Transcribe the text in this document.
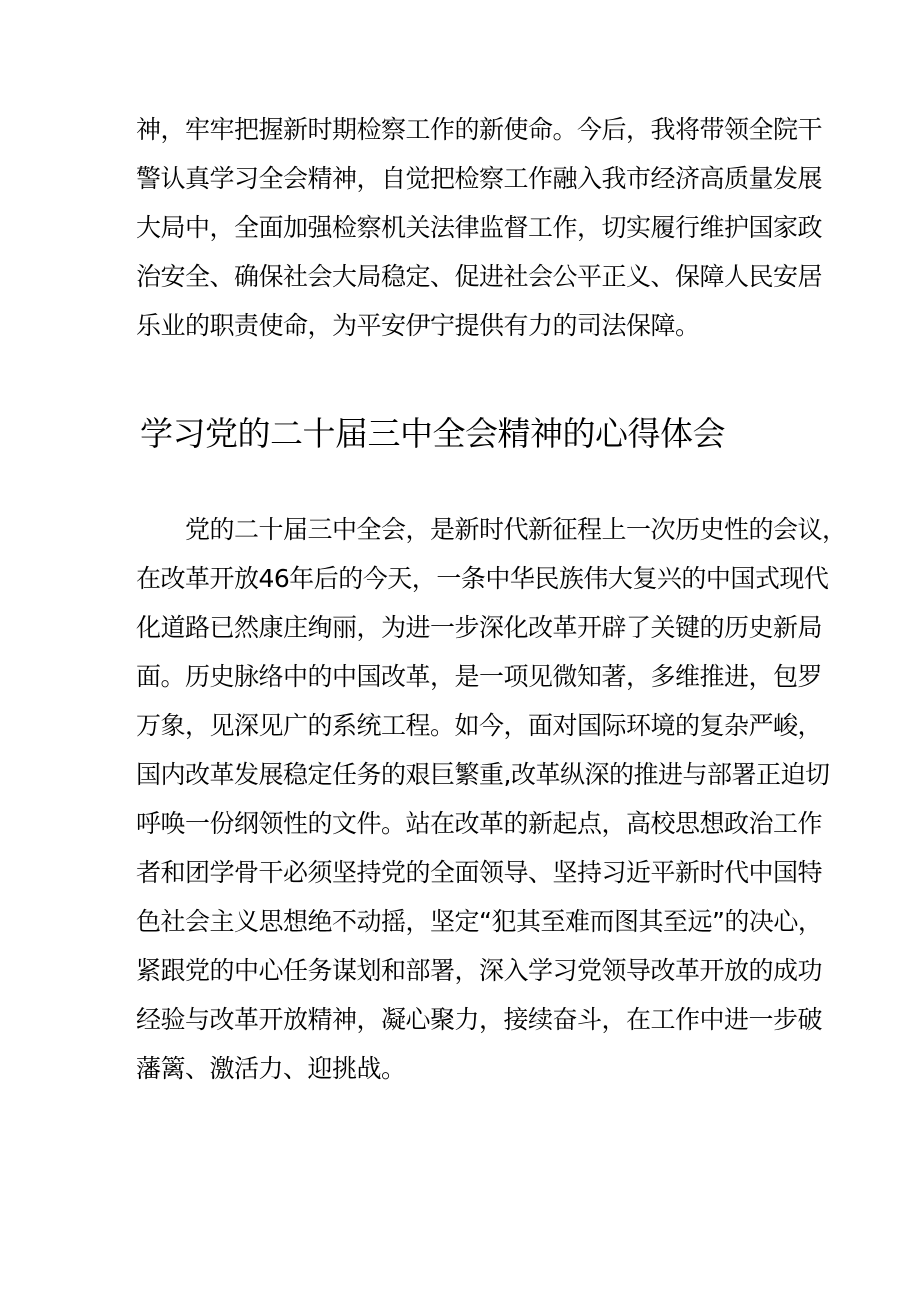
神，牢牢把握新时期检察工作的新使命。今后，我将带领全院干
警认真学习全会精神，自觉把检察工作融入我市经济高质量发展
大局中，全面加强检察机关法律监督工作，切实履行维护国家政
治安全、确保社会大局稳定、促进社会公平正义、保障人民安居
乐业的职责使命，为平安伊宁提供有力的司法保障。
学习党的二十届三中全会精神的心得体会
党的二十届三中全会，是新时代新征程上一次历史性的会议，
在改革开放46年后的今天，一条中华民族伟大复兴的中国式现代
化道路已然康庄绚丽，为进一步深化改革开辟了关键的历史新局
面。历史脉络中的中国改革，是一项见微知著，多维推进，包罗
万象，见深见广的系统工程。如今，面对国际环境的复杂严峻，
国内改革发展稳定任务的艰巨繁重,改革纵深的推进与部署正迫切
呼唤一份纲领性的文件。站在改革的新起点，高校思想政治工作
者和团学骨干必须坚持党的全面领导、坚持习近平新时代中国特
色社会主义思想绝不动摇，坚定“犯其至难而图其至远”的决心，
紧跟党的中心任务谋划和部署，深入学习党领导改革开放的成功
经验与改革开放精神，凝心聚力，接续奋斗，在工作中进一步破
藩篱、激活力、迎挑战。
